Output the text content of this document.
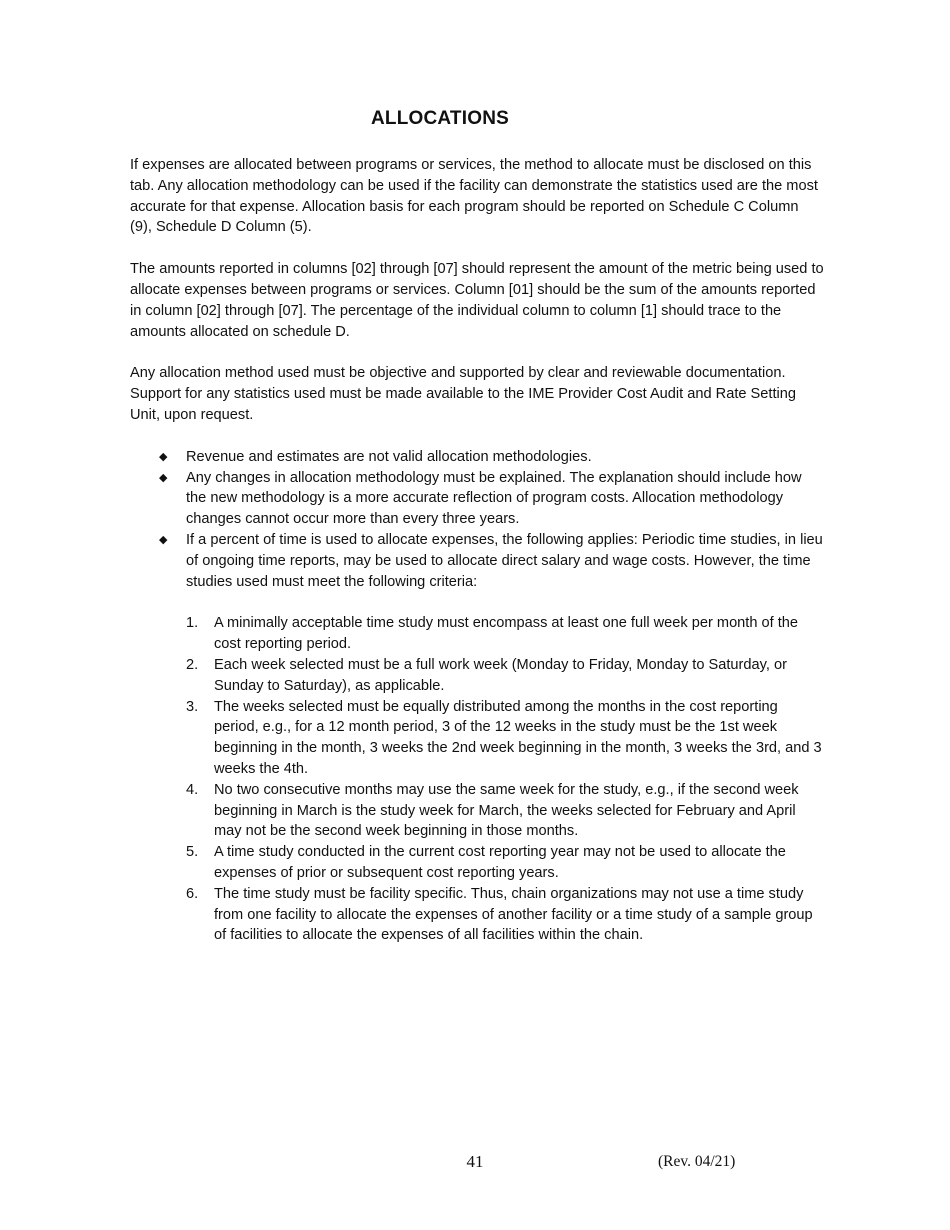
ALLOCATIONS

If expenses are allocated between programs or services, the method to allocate must be disclosed on this tab. Any allocation methodology can be used if the facility can demonstrate the statistics used are the most accurate for that expense. Allocation basis for each program should be reported on Schedule C Column (9), Schedule D Column (5).

The amounts reported in columns [02] through [07] should represent the amount of the metric being used to allocate expenses between programs or services. Column [01] should be the sum of the amounts reported in column [02] through [07]. The percentage of the individual column to column [1] should trace to the amounts allocated on schedule D.

Any allocation method used must be objective and supported by clear and reviewable documentation. Support for any statistics used must be made available to the IME Provider Cost Audit and Rate Setting Unit, upon request.

◆ Revenue and estimates are not valid allocation methodologies.
◆ Any changes in allocation methodology must be explained. The explanation should include how the new methodology is a more accurate reflection of program costs. Allocation methodology changes cannot occur more than every three years.
◆ If a percent of time is used to allocate expenses, the following applies: Periodic time studies, in lieu of ongoing time reports, may be used to allocate direct salary and wage costs. However, the time studies used must meet the following criteria:
1. A minimally acceptable time study must encompass at least one full week per month of the cost reporting period.
2. Each week selected must be a full work week (Monday to Friday, Monday to Saturday, or Sunday to Saturday), as applicable.
3. The weeks selected must be equally distributed among the months in the cost reporting period, e.g., for a 12 month period, 3 of the 12 weeks in the study must be the 1st week beginning in the month, 3 weeks the 2nd week beginning in the month, 3 weeks the 3rd, and 3 weeks the 4th.
4. No two consecutive months may use the same week for the study, e.g., if the second week beginning in March is the study week for March, the weeks selected for February and April may not be the second week beginning in those months.
5. A time study conducted in the current cost reporting year may not be used to allocate the expenses of prior or subsequent cost reporting years.
6. The time study must be facility specific. Thus, chain organizations may not use a time study from one facility to allocate the expenses of another facility or a time study of a sample group of facilities to allocate the expenses of all facilities within the chain.
41	(Rev. 04/21)
